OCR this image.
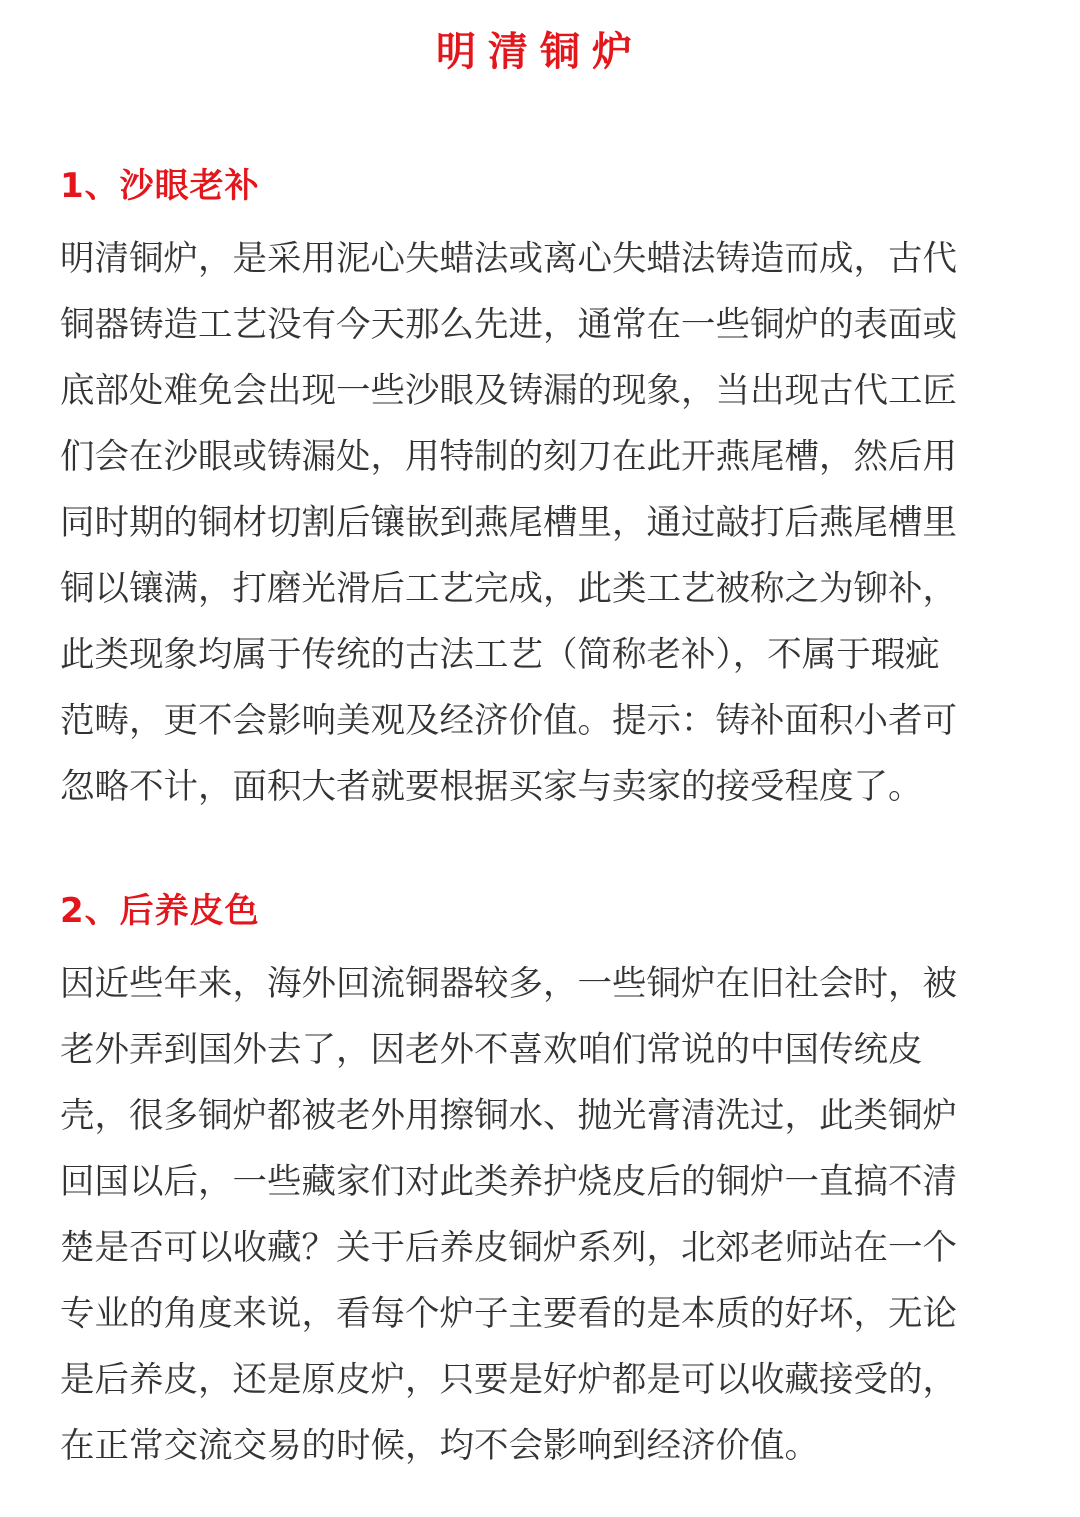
明清铜炉
1、沙眼老补
明清铜炉，是采用泥心失蜡法或离心失蜡法铸造而成，古代
铜器铸造工艺没有今天那么先进，通常在一些铜炉的表面或
底部处难免会出现一些沙眼及铸漏的现象，当出现古代工匠
们会在沙眼或铸漏处，用特制的刻刀在此开燕尾槽，然后用
同时期的铜材切割后镶嵌到燕尾槽里，通过敲打后燕尾槽里
铜以镶满，打磨光滑后工艺完成，此类工艺被称之为铆补，
此类现象均属于传统的古法工艺（简称老补），不属于瑕疵
范畴，更不会影响美观及经济价值。提示：铸补面积小者可
忽略不计，面积大者就要根据买家与卖家的接受程度了。
2、后养皮色
因近些年来，海外回流铜器较多，一些铜炉在旧社会时，被
老外弄到国外去了，因老外不喜欢咱们常说的中国传统皮
壳，很多铜炉都被老外用擦铜水、抛光膏清洗过，此类铜炉
回国以后，一些藏家们对此类养护烧皮后的铜炉一直搞不清
楚是否可以收藏？关于后养皮铜炉系列，北郊老师站在一个
专业的角度来说，看每个炉子主要看的是本质的好坏，无论
是后养皮，还是原皮炉，只要是好炉都是可以收藏接受的，
在正常交流交易的时候，均不会影响到经济价值。
